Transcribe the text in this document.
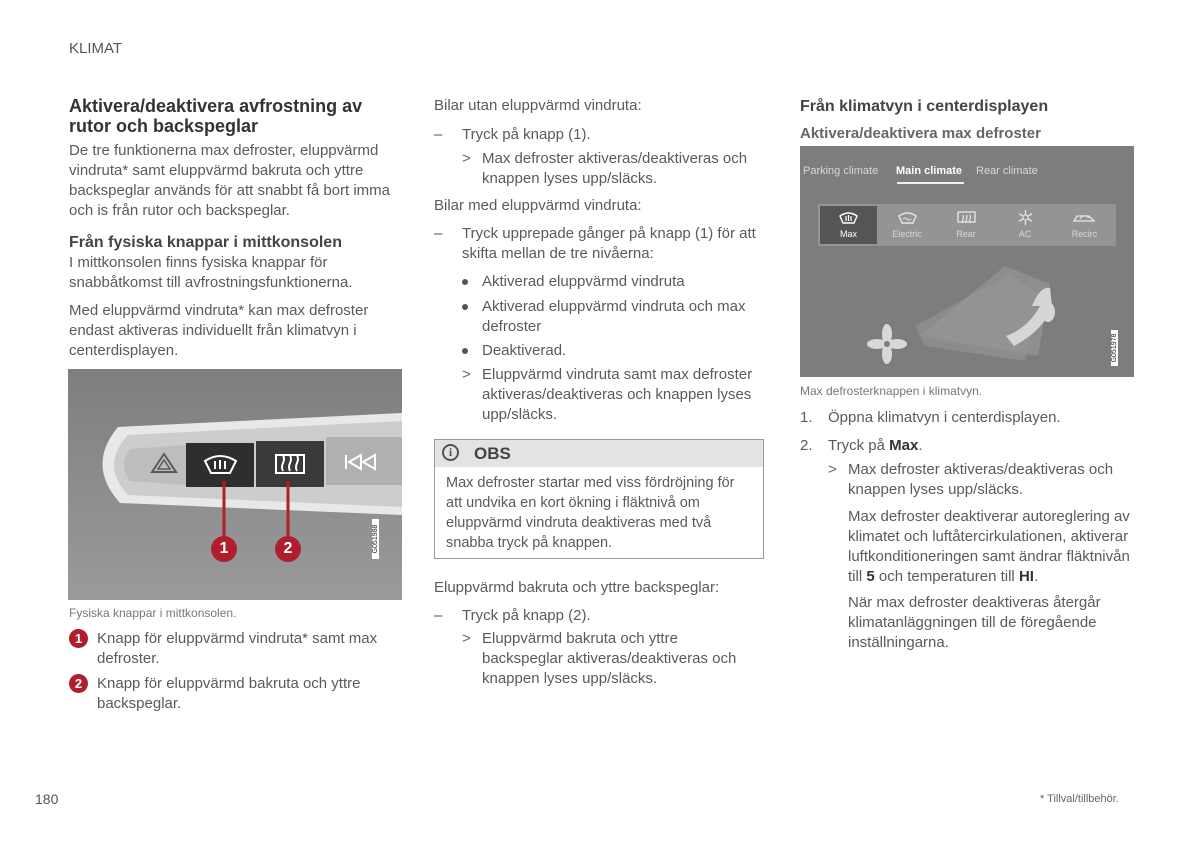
KLIMAT
Aktivera/deaktivera avfrostning av rutor och backspeglar

De tre funktionerna max defroster, eluppvärmd vindruta* samt eluppvärmd bakruta och yttre backspeglar används för att snabbt få bort imma och is från rutor och backspeglar.

Från fysiska knappar i mittkonsolen

I mittkonsolen finns fysiska knappar för snabbåtkomst till avfrostningsfunktionerna.

Med eluppvärmd vindruta* kan max defroster endast aktiveras individuellt från klimatvyn i centerdisplayen.

1	2	G051988
Fysiska knappar i mittkonsolen.
1 Knapp för eluppvärmd vindruta* samt max defroster.

2 Knapp för eluppvärmd bakruta och yttre backspeglar.

Bilar utan eluppvärmd vindruta:

– Tryck på knapp (1).

> Max defroster aktiveras/deaktiveras och knappen lyses upp/släcks.

Bilar med eluppvärmd vindruta:

– Tryck upprepade gånger på knapp (1) för att skifta mellan de tre nivåerna:

Aktiverad eluppvärmd vindruta

Aktiverad eluppvärmd vindruta och max defroster

Deaktiverad.

> Eluppvärmd vindruta samt max defroster aktiveras/deaktiveras och knappen lyses upp/släcks.

i	OBS

Max defroster startar med viss fördröjning för att undvika en kort ökning i fläktnivå om eluppvärmd vindruta deaktiveras med två snabba tryck på knappen.

Eluppvärmd bakruta och yttre backspeglar:

– Tryck på knapp (2).

> Eluppvärmd bakruta och yttre backspeglar aktiveras/deaktiveras och knappen lyses upp/släcks.

Från klimatvyn i centerdisplayen
Aktivera/deaktivera max defroster
Parking climate Main climate Rear climate
Max	Electric	Rear	AC	Recirc
G051978
Max defrosterknappen i klimatvyn.
1. Öppna klimatvyn i centerdisplayen.

2. Tryck på Max.

> Max defroster aktiveras/deaktiveras och knappen lyses upp/släcks.

Max defroster deaktiverar autoreglering av klimatet och luftåtercirkulationen, aktiverar luftkonditioneringen samt ändrar fläktnivån till 5 och temperaturen till HI.

När max defroster deaktiveras återgår klimatanläggningen till de föregående inställningarna.

180	* Tillval/tillbehör.
